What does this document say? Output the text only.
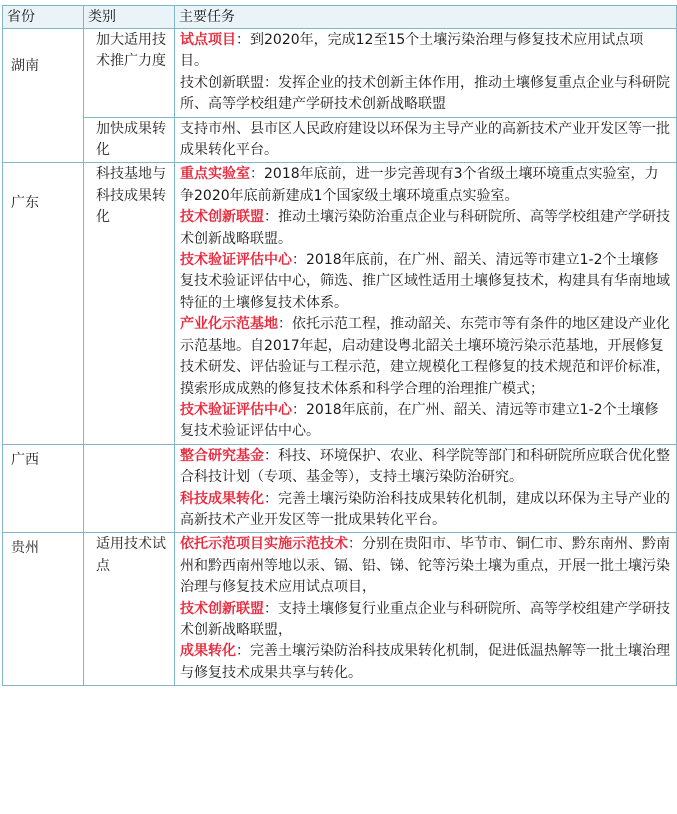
省份	类别	主要任务
湖南	加大适用技术推广力度	试点项目：到2020年，完成12至15个土壤污染治理与修复技术应用试点项目。

技术创新联盟：发挥企业的技术创新主体作用，推动土壤修复重点企业与科研院所、高等学校组建产学研技术创新战略联盟

	加快成果转化	支持市州、县市区人民政府建设以环保为主导产业的高新技术产业开发区等一批成果转化平台。

广东	科技基地与科技成果转化	重点实验室：2018年底前，进一步完善现有3个省级土壤环境重点实验室，力争2020年底前新建成1个国家级土壤环境重点实验室。

技术创新联盟：推动土壤污染防治重点企业与科研院所、高等学校组建产学研技术创新战略联盟。

技术验证评估中心：2018年底前，在广州、韶关、清远等市建立1-2个土壤修复技术验证评估中心，筛选、推广区域性适用土壤修复技术，构建具有华南地域特征的土壤修复技术体系。

产业化示范基地：依托示范工程，推动韶关、东莞市等有条件的地区建设产业化示范基地。自2017年起，启动建设粤北韶关土壤环境污染示范基地，开展修复技术研发、评估验证与工程示范，建立规模化工程修复的技术规范和评价标准，摸索形成成熟的修复技术体系和科学合理的治理推广模式；

技术验证评估中心：2018年底前，在广州、韶关、清远等市建立1-2个土壤修复技术验证评估中心。

广西		整合研究基金：科技、环境保护、农业、科学院等部门和科研院所应联合优化整合科技计划（专项、基金等），支持土壤污染防治研究。

科技成果转化：完善土壤污染防治科技成果转化机制，建成以环保为主导产业的高新技术产业开发区等一批成果转化平台。

贵州	适用技术试点	依托示范项目实施示范技术：分别在贵阳市、毕节市、铜仁市、黔东南州、黔南州和黔西南州等地以汞、镉、铅、锑、铊等污染土壤为重点，开展一批土壤污染治理与修复技术应用试点项目，

技术创新联盟：支持土壤修复行业重点企业与科研院所、高等学校组建产学研技术创新战略联盟，

成果转化：完善土壤污染防治科技成果转化机制，促进低温热解等一批土壤治理与修复技术成果共享与转化。
